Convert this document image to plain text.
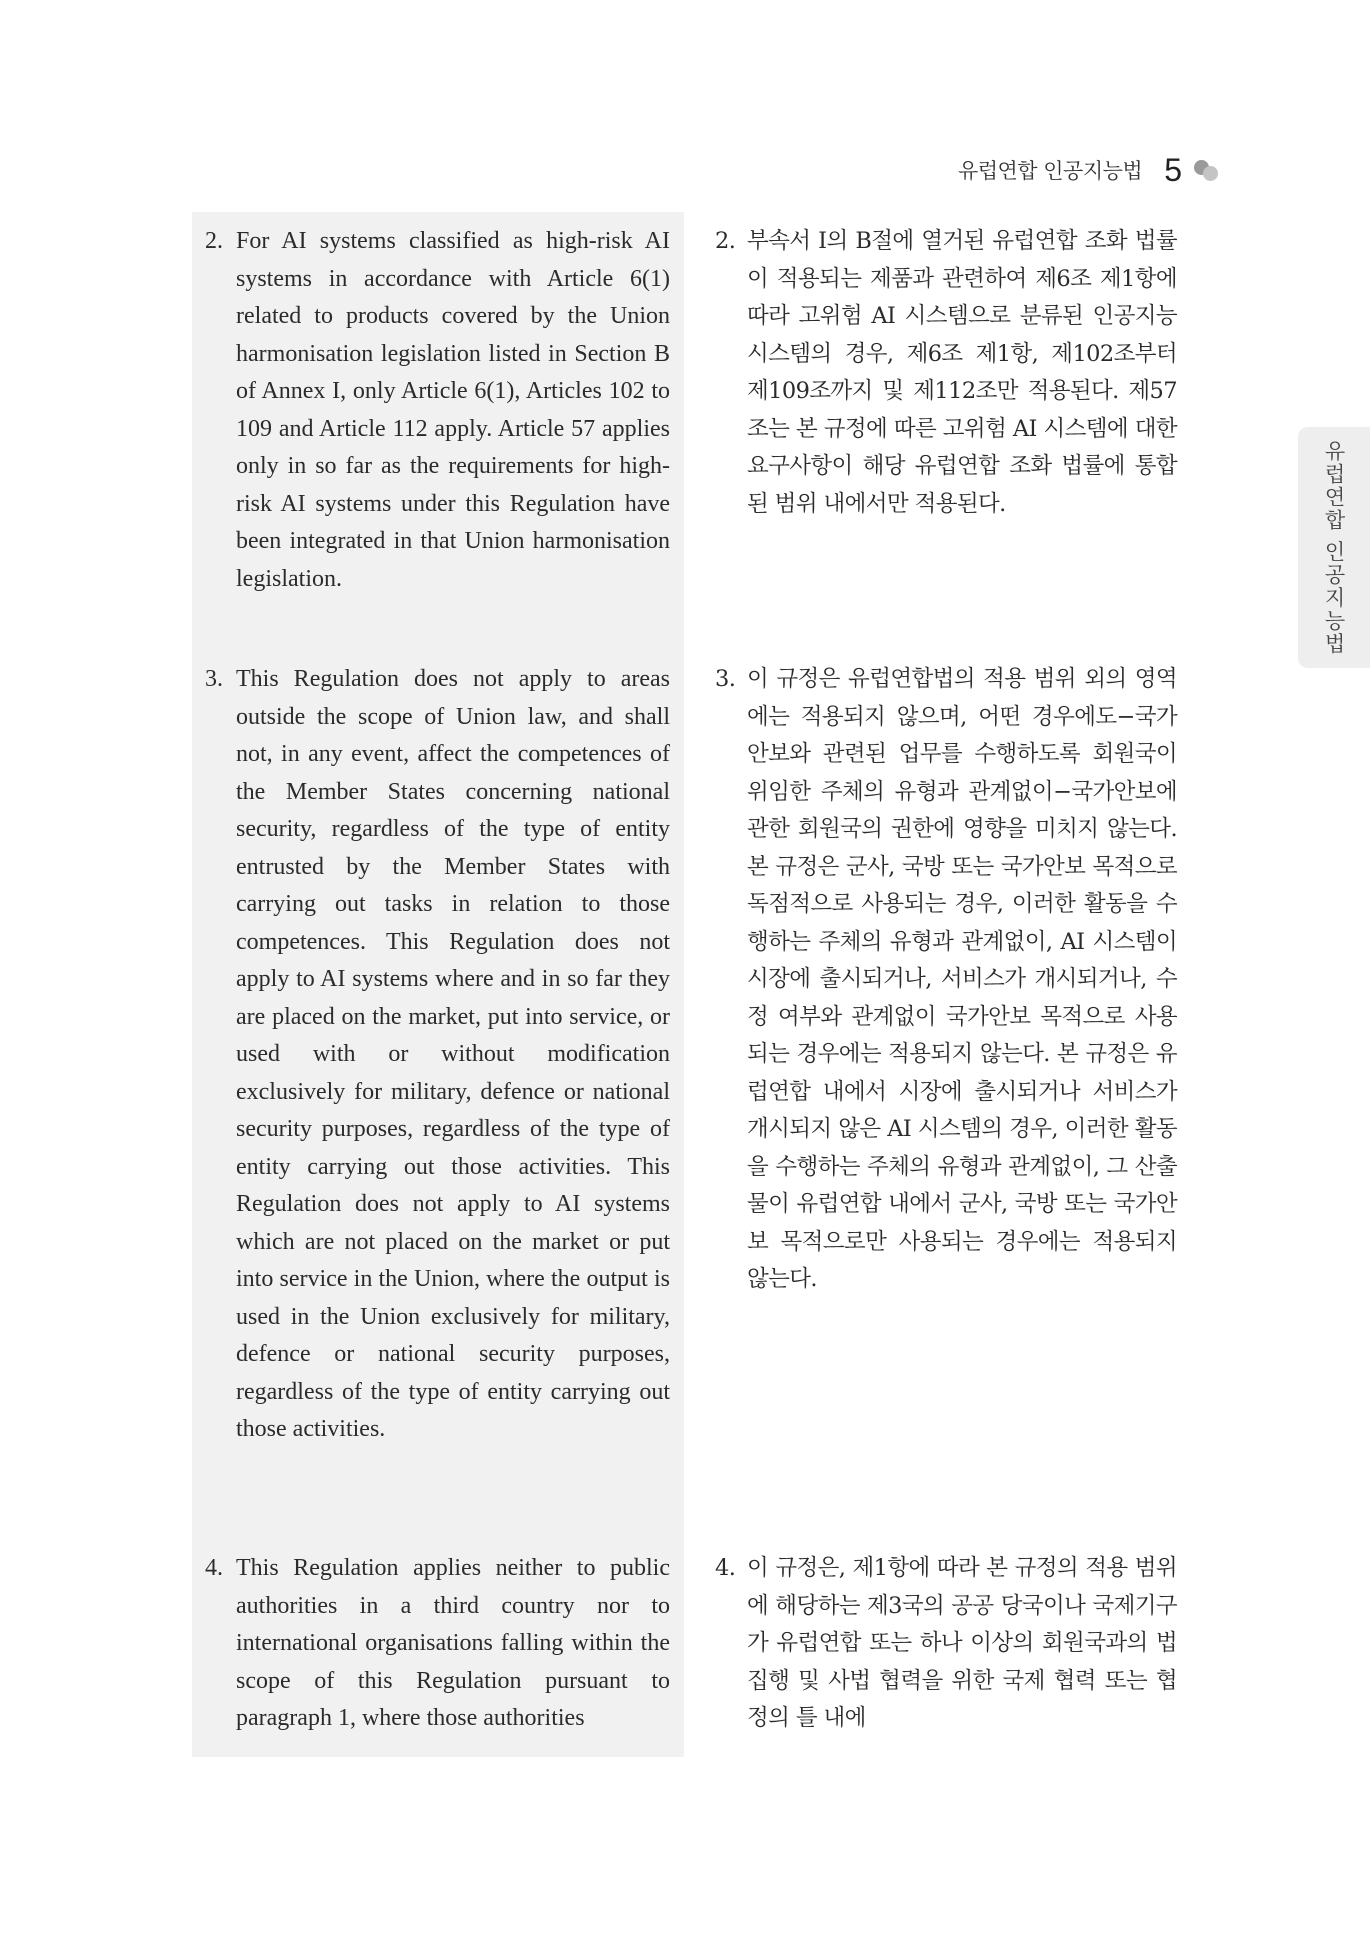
유럽연합 인공지능법 5
유럽연합 인공지능법
2. For AI systems classified as high-risk AI systems in accordance with Article 6(1) related to products covered by the Union harmonisation legislation listed in Section B of Annex I, only Article 6(1), Articles 102 to 109 and Article 112 apply. Article 57 applies only in so far as the requirements for high-risk AI systems under this Regulation have been integrated in that Union harmonisation legislation.
2. 부속서 I의 B절에 열거된 유럽연합 조화 법률이 적용되는 제품과 관련하여 제6조 제1항에 따라 고위험 AI 시스템으로 분류된 인공지능 시스템의 경우, 제6조 제1항, 제102조부터 제109조까지 및 제112조만 적용된다. 제57조는 본 규정에 따른 고위험 AI 시스템에 대한 요구사항이 해당 유럽연합 조화 법률에 통합된 범위 내에서만 적용된다.
3. This Regulation does not apply to areas outside the scope of Union law, and shall not, in any event, affect the competences of the Member States concerning national security, regardless of the type of entity entrusted by the Member States with carrying out tasks in relation to those competences. This Regulation does not apply to AI systems where and in so far they are placed on the market, put into service, or used with or without modification exclusively for military, defence or national security purposes, regardless of the type of entity carrying out those activities. This Regulation does not apply to AI systems which are not placed on the market or put into service in the Union, where the output is used in the Union exclusively for military, defence or national security purposes, regardless of the type of entity carrying out those activities.
3. 이 규정은 유럽연합법의 적용 범위 외의 영역에는 적용되지 않으며, 어떤 경우에도−국가안보와 관련된 업무를 수행하도록 회원국이 위임한 주체의 유형과 관계없이−국가안보에 관한 회원국의 권한에 영향을 미치지 않는다. 본 규정은 군사, 국방 또는 국가안보 목적으로 독점적으로 사용되는 경우, 이러한 활동을 수행하는 주체의 유형과 관계없이, AI 시스템이 시장에 출시되거나, 서비스가 개시되거나, 수정 여부와 관계없이 국가안보 목적으로 사용되는 경우에는 적용되지 않는다. 본 규정은 유럽연합 내에서 시장에 출시되거나 서비스가 개시되지 않은 AI 시스템의 경우, 이러한 활동을 수행하는 주체의 유형과 관계없이, 그 산출물이 유럽연합 내에서 군사, 국방 또는 국가안보 목적으로만 사용되는 경우에는 적용되지 않는다.
4. This Regulation applies neither to public authorities in a third country nor to international organisations falling within the scope of this Regulation pursuant to paragraph 1, where those authorities
4. 이 규정은, 제1항에 따라 본 규정의 적용 범위에 해당하는 제3국의 공공 당국이나 국제기구가 유럽연합 또는 하나 이상의 회원국과의 법 집행 및 사법 협력을 위한 국제 협력 또는 협정의 틀 내에
